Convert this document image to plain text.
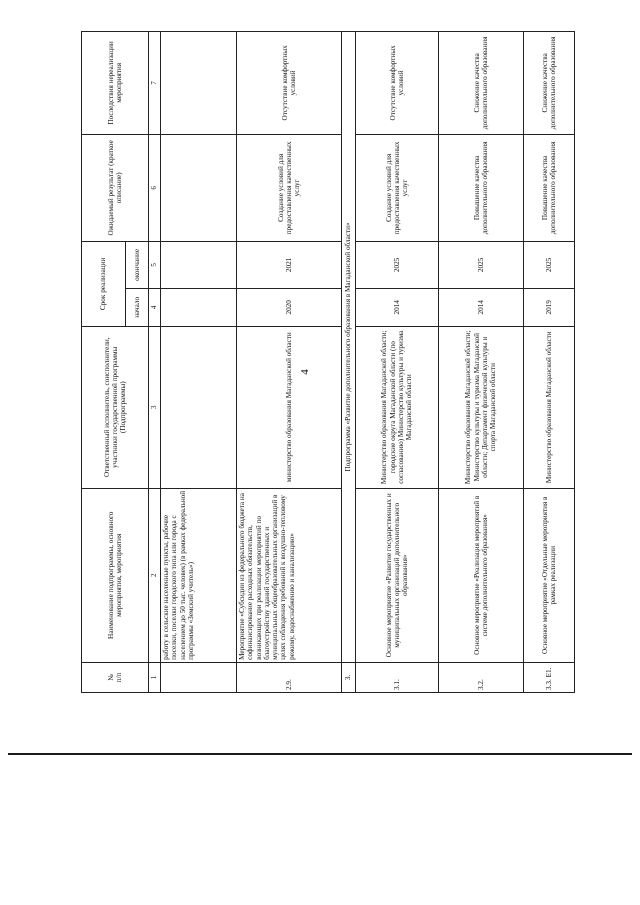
4
№
п/п	Наименование подпрограммы, основного мероприятия, мероприятия	Ответственный исполнитель, соисполнители, участники государственной программы (Подпрограммы)	Срок реализации		Ожидаемый результат (краткое описание)	Последствия нереализации мероприятия
			начало	окончание		
1	2	3	4	5	6	7
	работу в сельские населенные пункты, рабочие поселки, поселки городского типа или города с населением до 50 тыс. человек) (в рамках федеральной программы «Земский учитель»)					
2.9.	Мероприятие «Субсидии из федерального бюджета на софинансирование расходных обязательств, возникающих при реализации мероприятий по благоустройству зданий государственных и муниципальных общеобразовательных организаций в целях соблюдения требований к воздушно-тепловому режиму, водоснабжению и канализацию»	министерство образования Магаданской области	2020	2021	Создание условий для предоставления качественных услуг	Отсутствие комфортных условий
3.	Подпрограмма «Развитие дополнительного образования в Магаданской области»					
3.1.	Основное мероприятие «Развитие государственных и муниципальных организаций дополнительного образования»	Министерство образования Магаданской области; городские округа Магаданской области (по согласованию) Министерство культуры и туризма Магаданской области	2014	2025	Создание условий для предоставления качественных услуг	Отсутствие комфортных условий
3.2.	Основное мероприятие «Реализация мероприятий в системе дополнительного образования»	Министерство образования Магаданской области; Министерство культуры и туризма Магаданской области; Департамент физической культуры и спорта Магаданской области	2014	2025	Повышение качества дополнительного образования	Снижение качества дополнительного образования
3.3. Е1.	Основное мероприятие «Отдельные мероприятия в рамках реализации	Министерство образования Магаданской области	2019	2025	Повышение качества дополнительного образования	Снижение качества дополнительного образования
